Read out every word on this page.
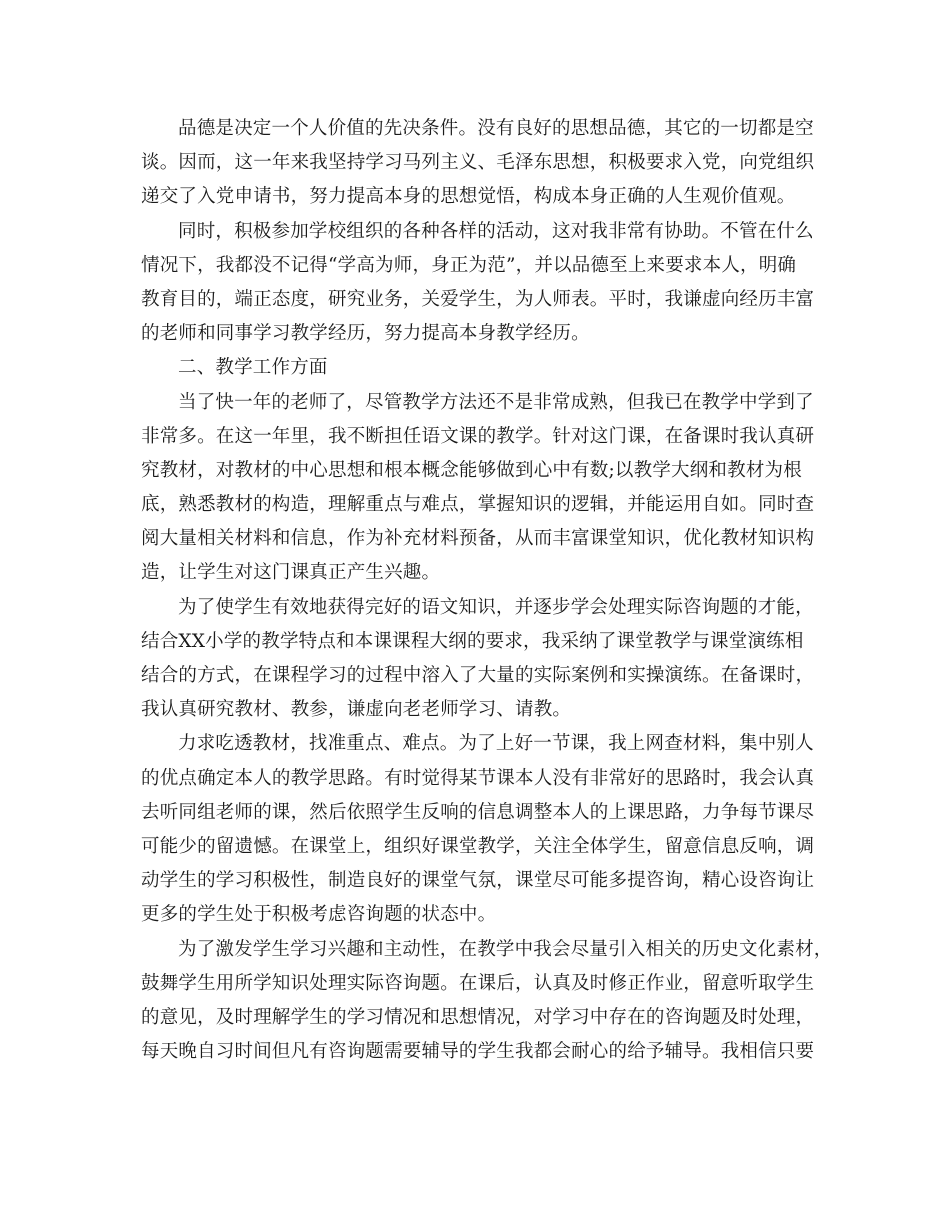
品德是决定一个人价值的先决条件。没有良好的思想品德，其它的一切都是空
谈。因而，这一年来我坚持学习马列主义、毛泽东思想，积极要求入党，向党组织
递交了入党申请书，努力提高本身的思想觉悟，构成本身正确的人生观价值观。
同时，积极参加学校组织的各种各样的活动，这对我非常有协助。不管在什么
情况下，我都没不记得“学高为师，身正为范”，并以品德至上来要求本人，明确
教育目的，端正态度，研究业务，关爱学生，为人师表。平时，我谦虚向经历丰富
的老师和同事学习教学经历，努力提高本身教学经历。
二、教学工作方面
当了快一年的老师了，尽管教学方法还不是非常成熟，但我已在教学中学到了
非常多。在这一年里，我不断担任语文课的教学。针对这门课，在备课时我认真研
究教材，对教材的中心思想和根本概念能够做到心中有数;以教学大纲和教材为根
底，熟悉教材的构造，理解重点与难点，掌握知识的逻辑，并能运用自如。同时查
阅大量相关材料和信息，作为补充材料预备，从而丰富课堂知识，优化教材知识构
造，让学生对这门课真正产生兴趣。
为了使学生有效地获得完好的语文知识，并逐步学会处理实际咨询题的才能，
结合XX小学的教学特点和本课课程大纲的要求，我采纳了课堂教学与课堂演练相
结合的方式，在课程学习的过程中溶入了大量的实际案例和实操演练。在备课时，
我认真研究教材、教参，谦虚向老老师学习、请教。
力求吃透教材，找准重点、难点。为了上好一节课，我上网查材料，集中别人
的优点确定本人的教学思路。有时觉得某节课本人没有非常好的思路时，我会认真
去听同组老师的课，然后依照学生反响的信息调整本人的上课思路，力争每节课尽
可能少的留遗憾。在课堂上，组织好课堂教学，关注全体学生，留意信息反响，调
动学生的学习积极性，制造良好的课堂气氛，课堂尽可能多提咨询，精心设咨询让
更多的学生处于积极考虑咨询题的状态中。
为了激发学生学习兴趣和主动性，在教学中我会尽量引入相关的历史文化素材，
鼓舞学生用所学知识处理实际咨询题。在课后，认真及时修正作业，留意听取学生
的意见，及时理解学生的学习情况和思想情况，对学习中存在的咨询题及时处理，
每天晚自习时间但凡有咨询题需要辅导的学生我都会耐心的给予辅导。我相信只要
